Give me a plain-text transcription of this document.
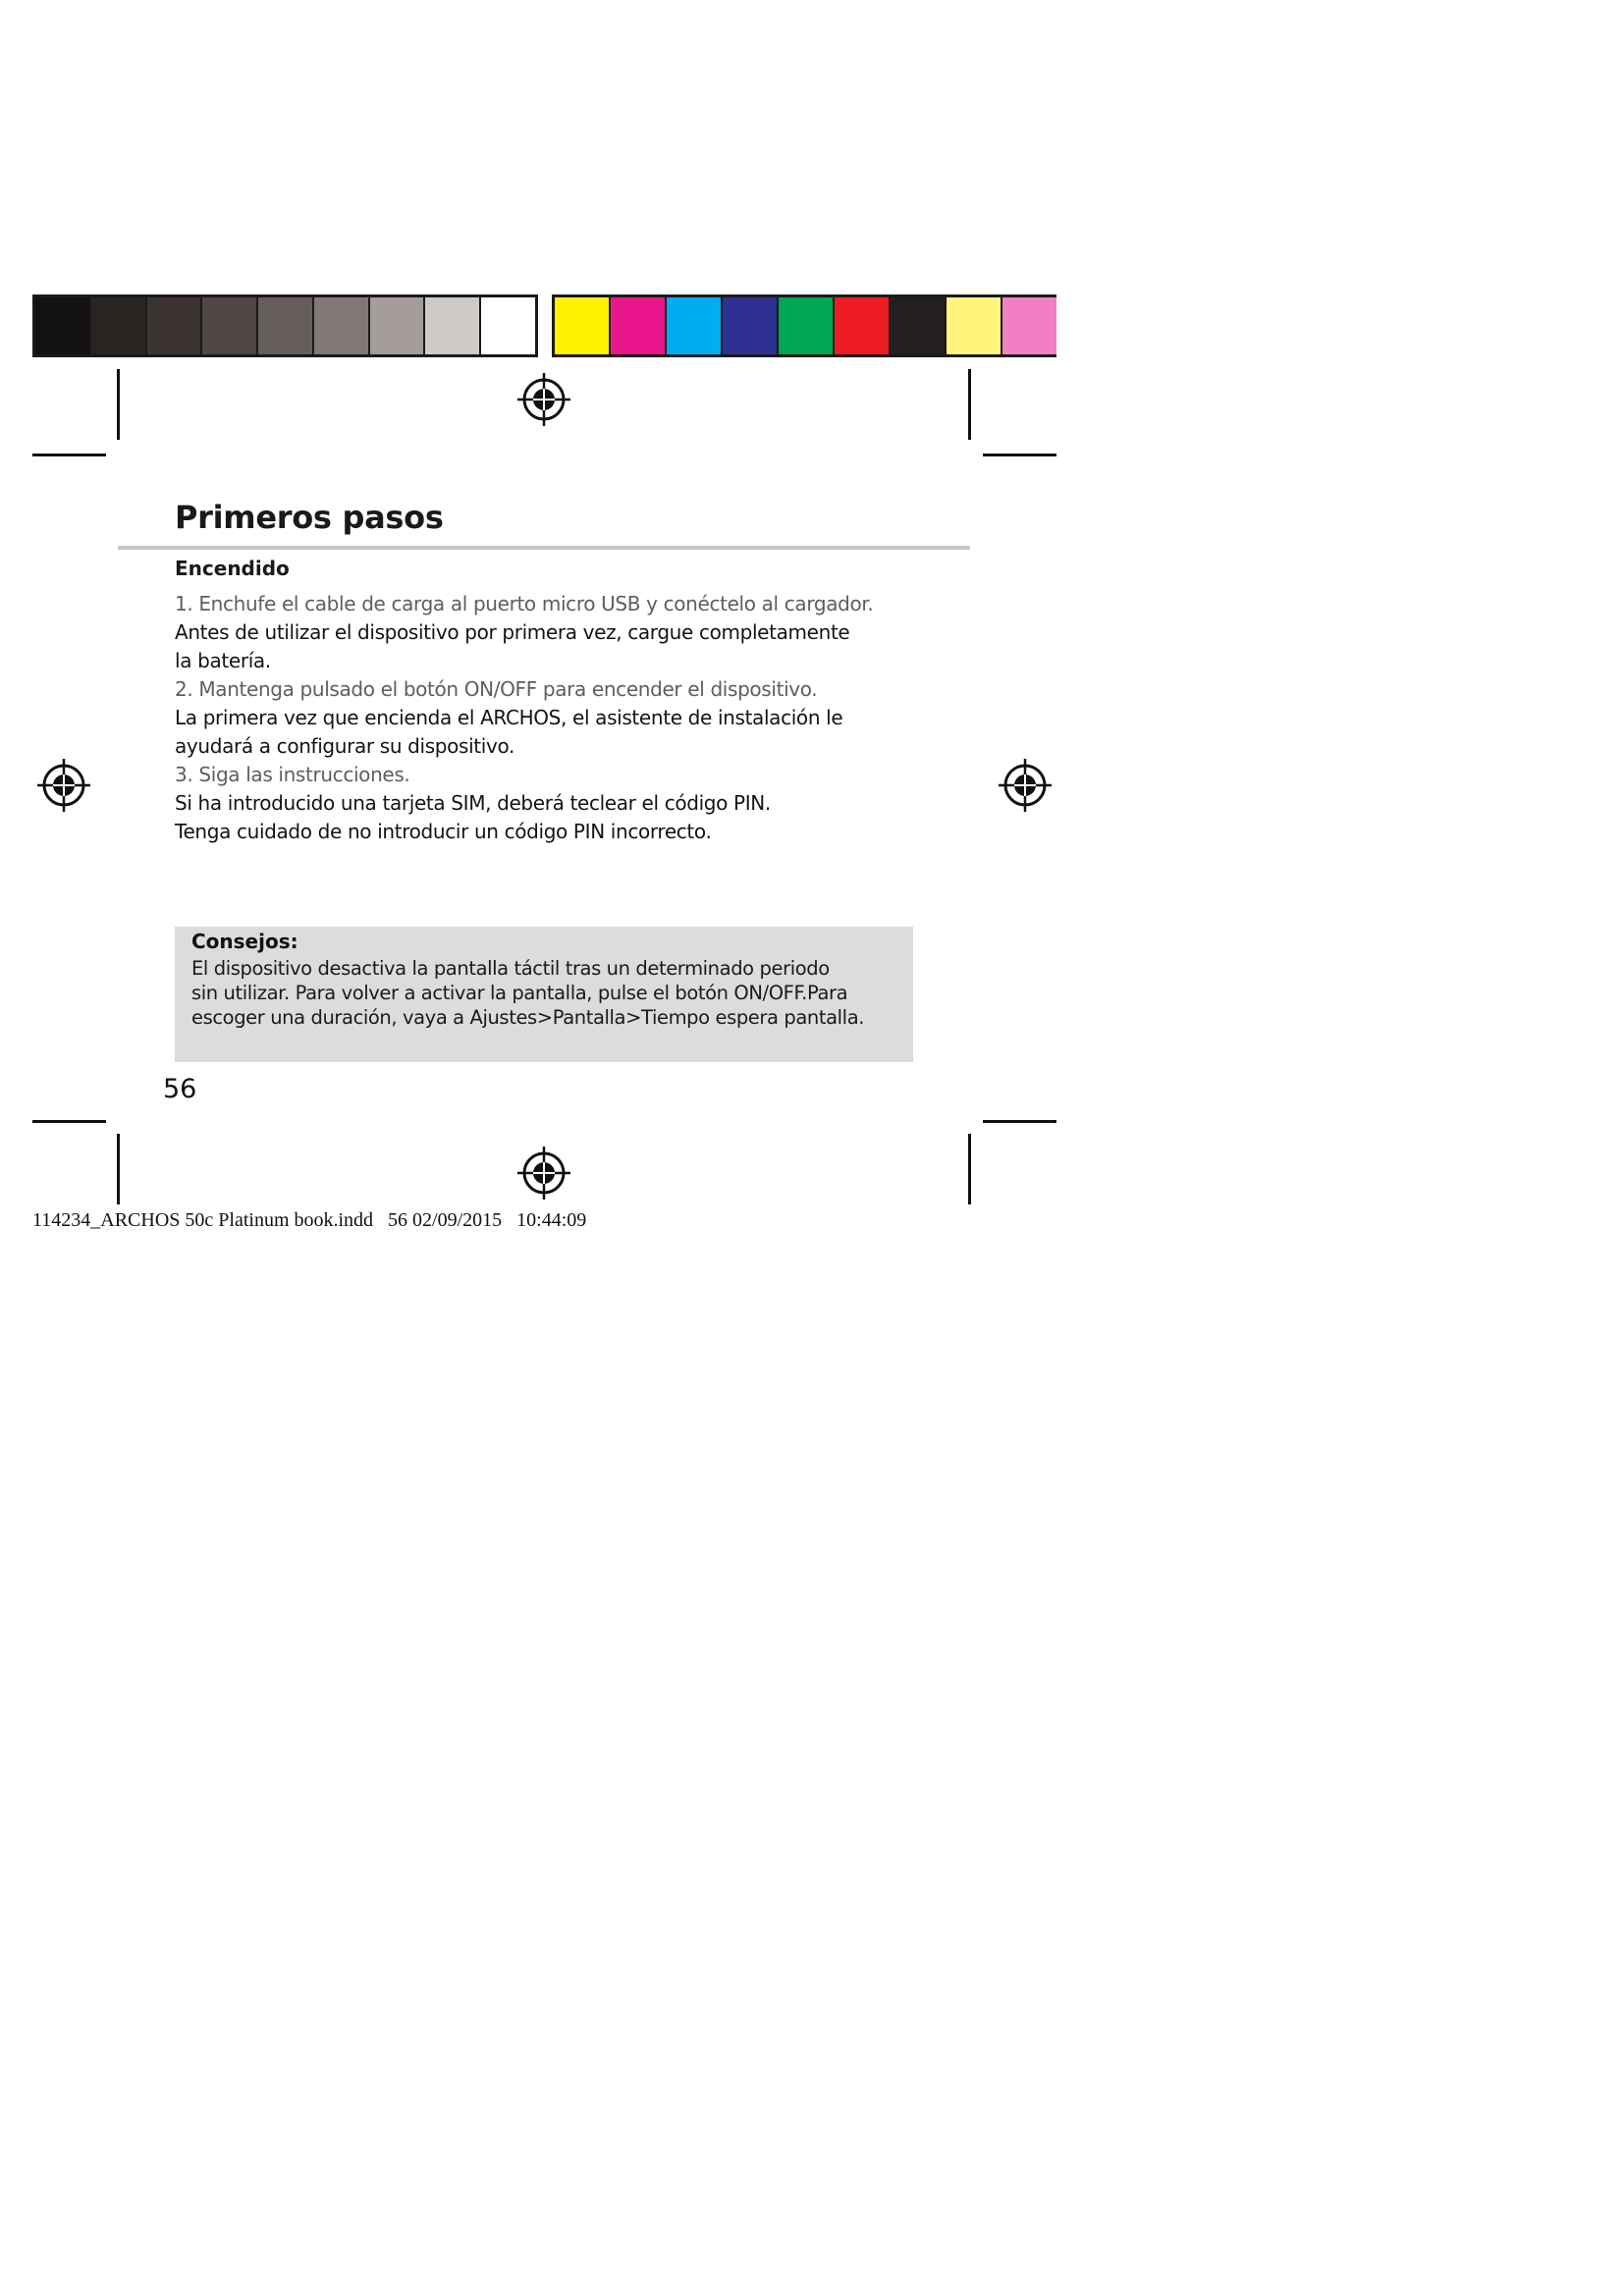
Primeros pasos
Encendido
1. Enchufe el cable de carga al puerto micro USB y conéctelo al cargador.
Antes de utilizar el dispositivo por primera vez, cargue completamente
la batería.
2. Mantenga pulsado el botón ON/OFF para encender el dispositivo.
La primera vez que encienda el ARCHOS, el asistente de instalación le
ayudará a configurar su dispositivo.
3. Siga las instrucciones.
Si ha introducido una tarjeta SIM, deberá teclear el código PIN.
Tenga cuidado de no introducir un código PIN incorrecto.
Consejos:
El dispositivo desactiva la pantalla táctil tras un determinado periodo
sin utilizar. Para volver a activar la pantalla, pulse el botón ON/OFF.Para
escoger una duración, vaya a Ajustes>Pantalla>Tiempo espera pantalla.
56
114234_ARCHOS 50c Platinum book.indd   56 02/09/2015   10:44:09
